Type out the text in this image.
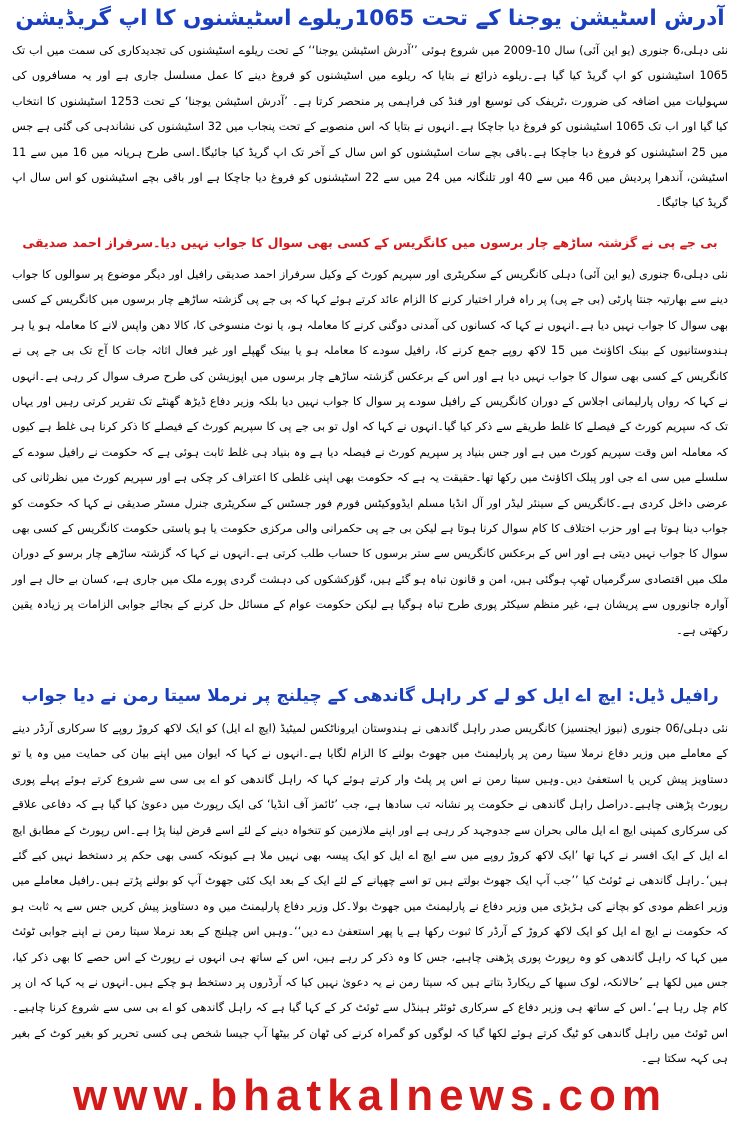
آدرش اسٹیشن یوجنا کے تحت 1065ریلوے اسٹیشنوں کا اپ گریڈیشن

نئی دہلی،6 جنوری (یو این آئی) سال 10-2009 میں شروع ہوئی ’’آدرش اسٹیشن یوجنا‘‘ کے تحت ریلوے اسٹیشنوں کی تجدیدکاری کی سمت میں اب تک 1065 اسٹیشنوں کو اپ گریڈ کیا گیا ہے۔ریلوے ذرائع نے بتایا کہ ریلوے میں اسٹیشنوں کو فروغ دینے کا عمل مسلسل جاری ہے اور یہ مسافروں کی سہولیات میں اضافہ کی ضرورت ،ٹریفک کی توسیع اور فنڈ کی فراہمی پر منحصر کرتا ہے۔ ’آدرش اسٹیشن یوجنا‘ کے تحت 1253 اسٹیشنوں کا انتخاب کیا گیا اور اب تک 1065 اسٹیشنوں کو فروغ دیا جاچکا ہے۔انہوں نے بتایا کہ اس منصوبے کے تحت پنجاب میں 32 اسٹیشنوں کی نشاندہی کی گئی ہے جس میں 25 اسٹیشنوں کو فروغ دیا جاچکا ہے۔باقی بچے سات اسٹیشنوں کو اس سال کے آخر تک اپ گریڈ کیا جائیگا۔اسی طرح ہریانہ میں 16 میں سے 11 اسٹیشن، آندھرا پردیش میں 46 میں سے 40 اور تلنگانہ میں 24 میں سے 22 اسٹیشنوں کو فروغ دیا جاچکا ہے اور باقی بچے اسٹیشنوں کو اس سال اپ گریڈ کیا جائیگا۔

بی جے پی نے گزشتہ ساڑھے چار برسوں میں کانگریس کے کسی بھی سوال کا جواب نہیں دیا۔سرفراز احمد صدیقی

نئی دہلی،6 جنوری (یو این آئی) دہلی کانگریس کے سکریٹری اور سپریم کورٹ کے وکیل سرفراز احمد صدیقی رافیل اور دیگر موضوع پر سوالوں کا جواب دینے سے بھارتیہ جنتا پارٹی (بی جے پی) پر راہ فرار اختیار کرنے کا الزام عائد کرتے ہوئے کہا کہ بی جے پی گزشتہ ساڑھے چار برسوں میں کانگریس کے کسی بھی سوال کا جواب نہیں دیا ہے۔انہوں نے کہا کہ کسانوں کی آمدنی دوگنی کرنے کا معاملہ ہو، یا نوٹ منسوخی کا، کالا دھن واپس لانے کا معاملہ ہو یا ہر ہندوستانیوں کے بینک اکاؤنٹ میں 15 لاکھ روپے جمع کرنے کا، رافیل سودے کا معاملہ ہو یا بینک گھپلے اور غیر فعال اثاثہ جات کا آج تک بی جے پی نے کانگریس کے کسی بھی سوال کا جواب نہیں دیا ہے اور اس کے برعکس گزشتہ ساڑھے چار برسوں میں اپوزیشن کی طرح صرف سوال کر رہی ہے۔انہوں نے کہا کہ رواں پارلیمانی اجلاس کے دوران کانگریس کے رافیل سودے پر سوال کا جواب نہیں دیا بلکہ وزیر دفاع ڈیڑھ گھنٹے تک تقریر کرتی رہیں اور یہاں تک کہ سپریم کورٹ کے فیصلے کا غلط طریقے سے ذکر کیا گیا۔انہوں نے کہا کہ اول تو بی جے پی کا سپریم کورٹ کے فیصلے کا ذکر کرنا ہی غلط ہے کیوں کہ معاملہ اس وقت سپریم کورٹ میں ہے اور جس بنیاد پر سپریم کورٹ نے فیصلہ دیا ہے وہ بنیاد ہی غلط ثابت ہوئی ہے کہ حکومت نے رافیل سودے کے سلسلے میں سی اے جی اور پبلک اکاؤنٹ میں رکھا تھا۔حقیقت یہ ہے کہ حکومت بھی اپنی غلطی کا اعتراف کر چکی ہے اور سپریم کورٹ میں نظرثانی کی عرضی داخل کردی ہے۔کانگریس کے سینئر لیڈر اور آل انڈیا مسلم ایڈووکیٹس فورم فور جسٹس کے سکریٹری جنرل مسٹر صدیقی نے کہا کہ حکومت کو جواب دینا ہوتا ہے اور حزب اختلاف کا کام سوال کرنا ہوتا ہے لیکن بی جے پی حکمرانی والی مرکزی حکومت یا ہو یاستی حکومت کانگریس کے کسی بھی سوال کا جواب نہیں دیتی ہے اور اس کے برعکس کانگریس سے ستر برسوں کا حساب طلب کرتی ہے۔انہوں نے کہا کہ گزشتہ ساڑھے چار برسو کے دوران ملک میں اقتصادی سرگرمیاں ٹھپ ہوگئی ہیں، امن و قانون تباہ ہو گئے ہیں، گؤرکشکوں کی دہشت گردی پورے ملک میں جاری ہے، کسان بے حال ہے اور آوارہ جانوروں سے پریشان ہے، غیر منظم سیکٹر پوری طرح تباہ ہوگیا ہے لیکن حکومت عوام کے مسائل حل کرنے کے بجائے جوابی الزامات پر زیادہ یقین رکھتی ہے۔

رافیل ڈیل: ایچ اے ایل کو لے کر راہل گاندھی کے چیلنج پر نرملا سیتا رمن نے دیا جواب

نئی دہلی/06 جنوری (نیوز ایجنسیز) کانگریس صدر راہل گاندھی نے ہندوستان ایروناٹکس لمیٹیڈ (ایچ اے ایل) کو ایک لاکھ کروڑ روپے کا سرکاری آرڈر دینے کے معاملے میں وزیر دفاع نرملا سیتا رمن پر پارلیمنٹ میں جھوٹ بولنے کا الزام لگایا ہے۔انہوں نے کہا کہ ایوان میں اپنے بیان کی حمایت میں وہ یا تو دستاویز پیش کریں یا استعفیٰ دیں۔وہیں سیتا رمن نے اس پر پلٹ وار کرتے ہوئے کہا کہ راہل گاندھی کو اے بی سی سے شروع کرتے ہوئے پہلے پوری رپورٹ پڑھنی چاہیے۔دراصل راہل گاندھی نے حکومت پر نشانہ تب سادھا ہے، جب ’ٹائمز آف انڈیا‘ کی ایک رپورٹ میں دعویٰ کیا گیا ہے کہ دفاعی علاقے کی سرکاری کمپنی ایچ اے ایل مالی بحران سے جدوجہد کر رہی ہے اور اپنے ملازمین کو تنخواہ دینے کے لئے اسے قرض لینا پڑا ہے۔اس رپورٹ کے مطابق ایچ اے ایل کے ایک افسر نے کہا تھا ’ایک لاکھ کروڑ روپے میں سے ایچ اے ایل کو ایک پیسہ بھی نہیں ملا ہے کیونکہ کسی بھی حکم پر دستخط نہیں کیے گئے ہیں‘۔راہل گاندھی نے ٹوئٹ کیا ’’جب آپ ایک جھوٹ بولتے ہیں تو اسے چھپانے کے لئے ایک کے بعد ایک کئی جھوٹ آپ کو بولنے پڑتے ہیں۔رافیل معاملے میں وزیر اعظم مودی کو بچانے کی ہڑبڑی میں وزیر دفاع نے پارلیمنٹ میں جھوٹ بولا۔کل وزیر دفاع پارلیمنٹ میں وہ دستاویز پیش کریں جس سے یہ ثابت ہو کہ حکومت نے ایچ اے ایل کو ایک لاکھ کروڑ کے آرڈر کا ثبوت رکھا ہے یا پھر استعفیٰ دے دیں‘‘۔وہیں اس چیلنج کے بعد نرملا سیتا رمن نے اپنے جوابی ٹوئٹ میں کہا کہ راہل گاندھی کو وہ رپورٹ پوری پڑھنی چاہیے، جس کا وہ ذکر کر رہے ہیں، اس کے ساتھ ہی انہوں نے رپورٹ کے اس حصے کا بھی ذکر کیا، جس میں لکھا ہے ’حالانکہ، لوک سبھا کے ریکارڈ بتاتے ہیں کہ سیتا رمن نے یہ دعویٰ نہیں کیا کہ آرڈروں پر دستخط ہو چکے ہیں۔انہوں نے یہ کہا کہ ان پر کام چل رہا ہے‘۔اس کے ساتھ ہی وزیر دفاع کے سرکاری ٹوئٹر ہینڈل سے ٹوئٹ کر کے کہا گیا ہے کہ راہل گاندھی کو اے بی سی سے شروع کرنا چاہیے۔اس ٹوئٹ میں راہل گاندھی کو ٹیگ کرتے ہوئے لکھا گیا کہ لوگوں کو گمراہ کرنے کی ٹھان کر بیٹھا آپ جیسا شخص ہی کسی تحریر کو بغیر کوٹ کے بغیر ہی کہہ سکتا ہے۔

www.bhatkalnews.com
